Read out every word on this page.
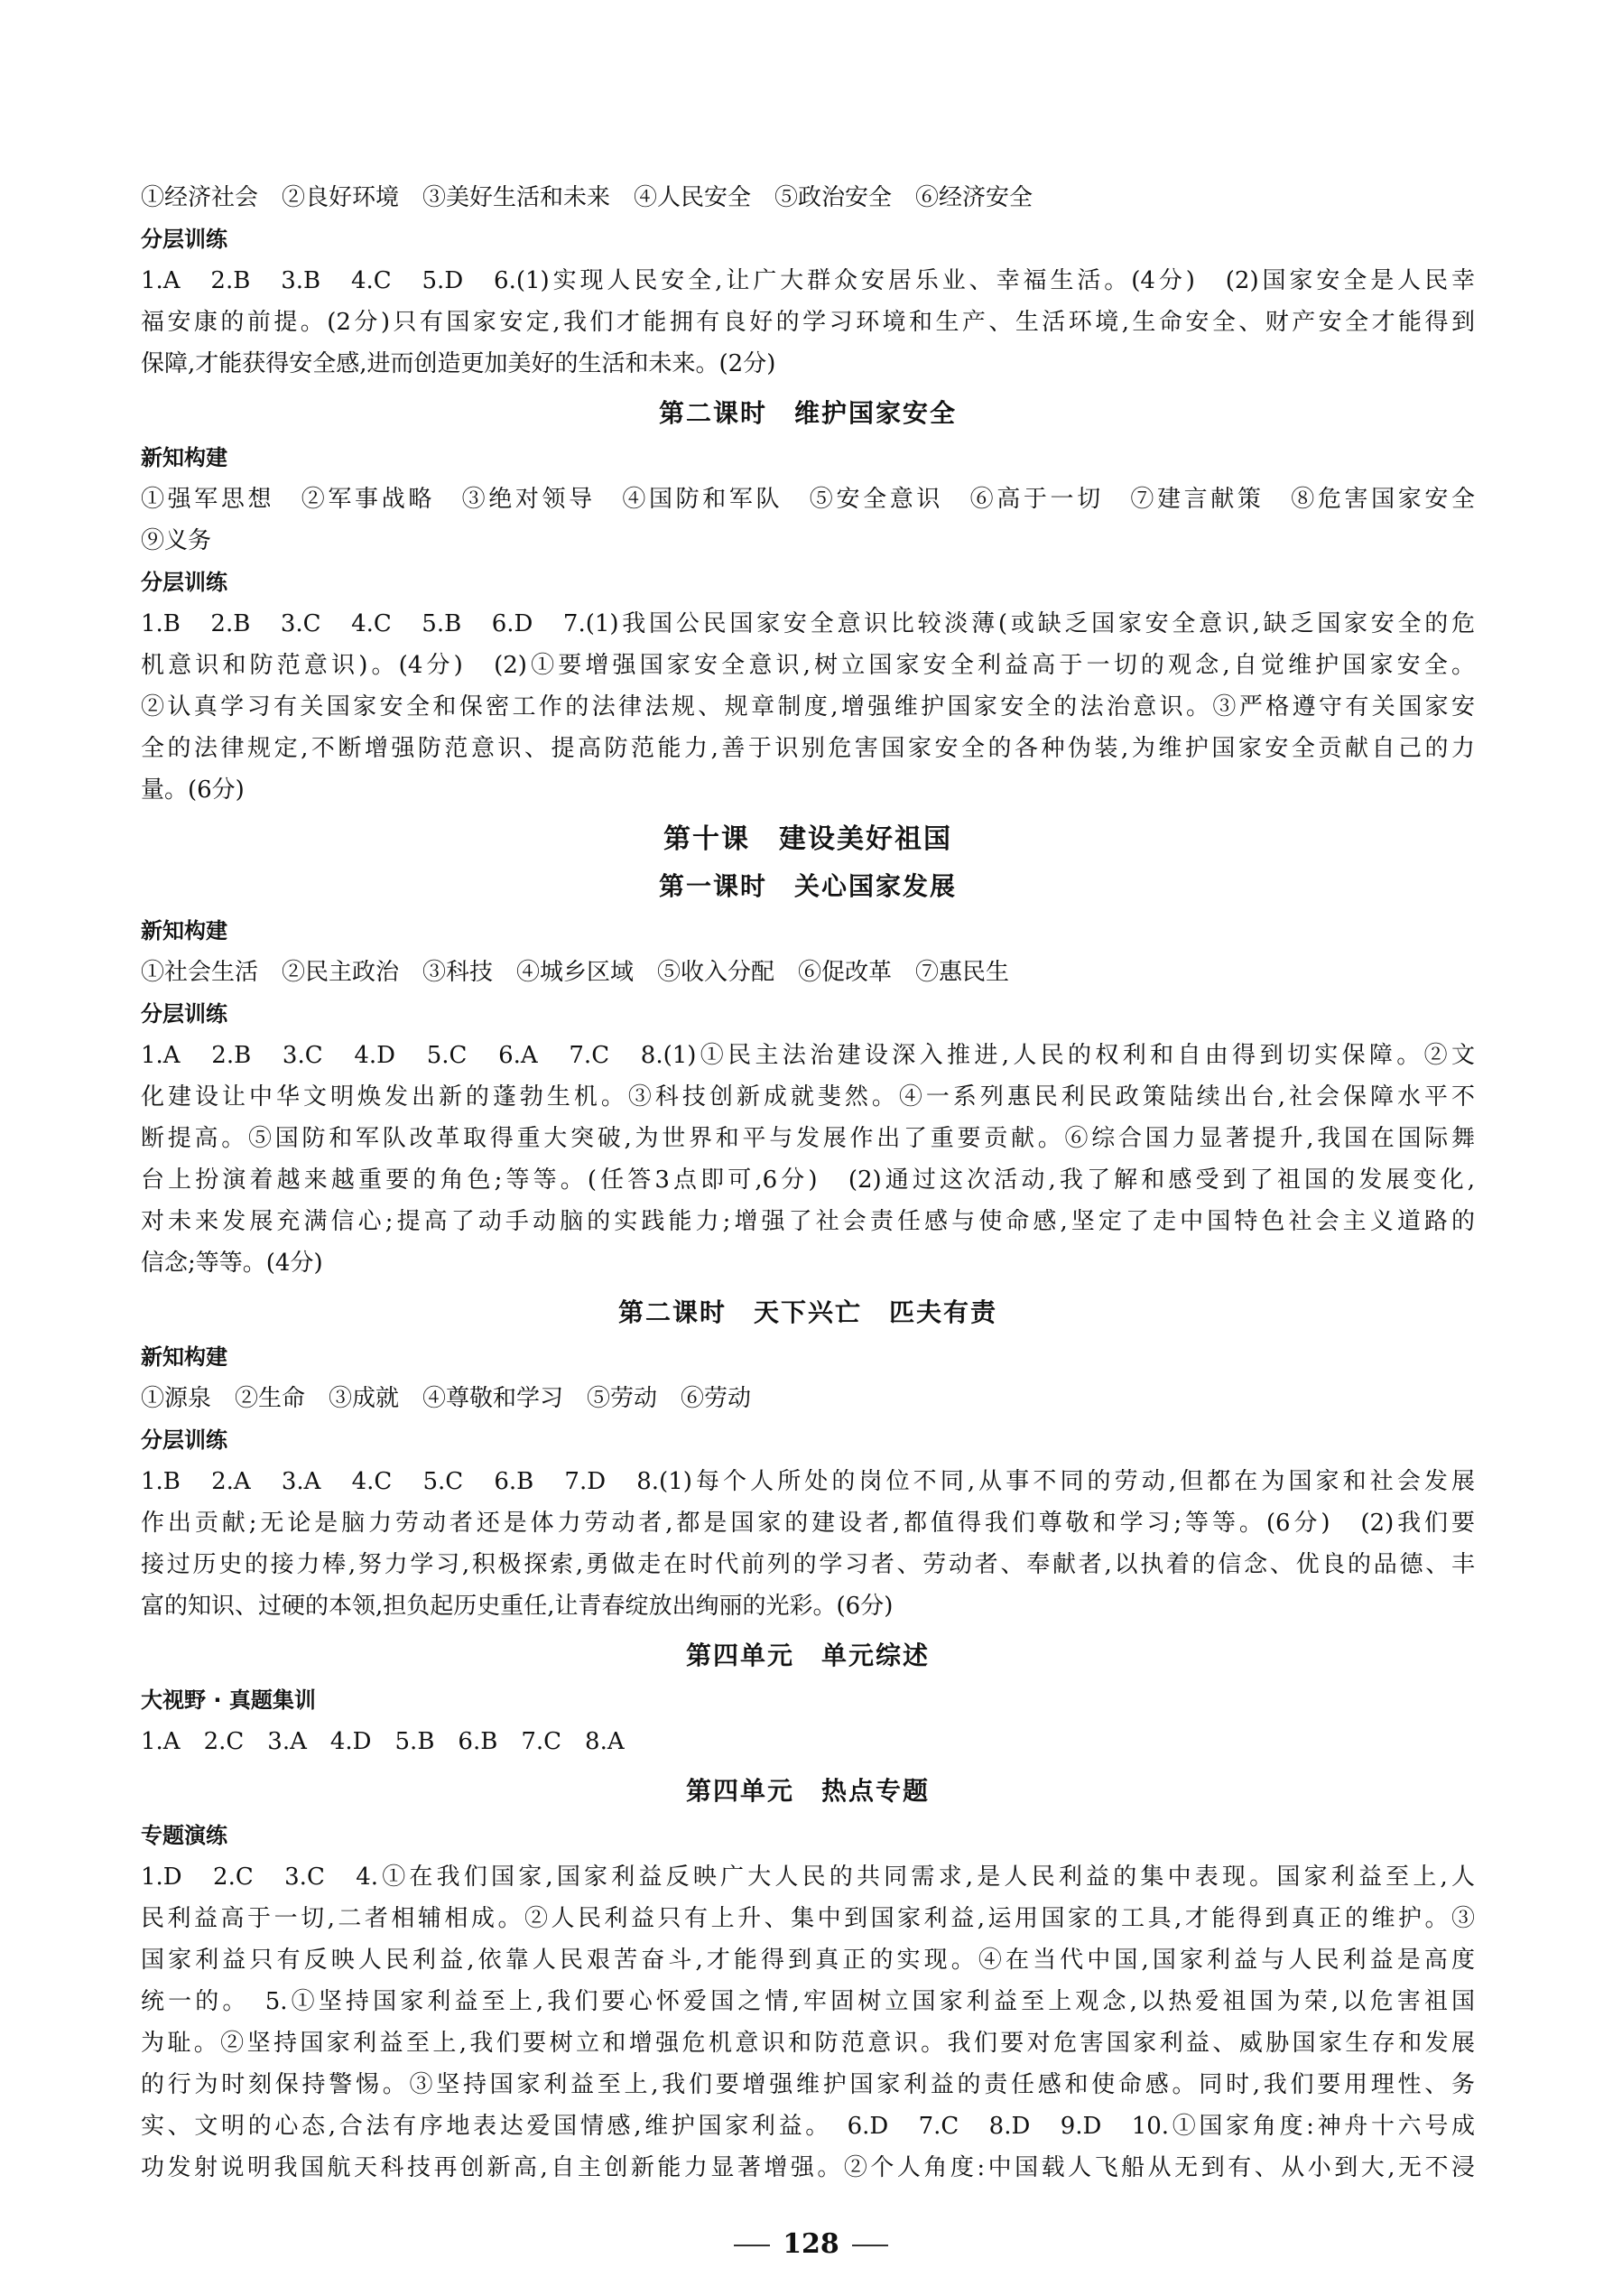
①经济社会　②良好环境　③美好生活和未来　④人民安全　⑤政治安全　⑥经济安全

分层训练

1.A　2.B　3.B　4.C　5.D　6.(1)实现人民安全,让广大群众安居乐业、幸福生活。(4分)　(2)国家安全是人民幸

福安康的前提。(2分)只有国家安定,我们才能拥有良好的学习环境和生产、生活环境,生命安全、财产安全才能得到

保障,才能获得安全感,进而创造更加美好的生活和未来。(2分)

第二课时　维护国家安全

新知构建

①强军思想　②军事战略　③绝对领导　④国防和军队　⑤安全意识　⑥高于一切　⑦建言献策　⑧危害国家安全

⑨义务

分层训练

1.B　2.B　3.C　4.C　5.B　6.D　7.(1)我国公民国家安全意识比较淡薄(或缺乏国家安全意识,缺乏国家安全的危

机意识和防范意识)。(4分)　(2)①要增强国家安全意识,树立国家安全利益高于一切的观念,自觉维护国家安全。

②认真学习有关国家安全和保密工作的法律法规、规章制度,增强维护国家安全的法治意识。③严格遵守有关国家安

全的法律规定,不断增强防范意识、提高防范能力,善于识别危害国家安全的各种伪装,为维护国家安全贡献自己的力

量。(6分)

第十课　建设美好祖国

第一课时　关心国家发展

新知构建

①社会生活　②民主政治　③科技　④城乡区域　⑤收入分配　⑥促改革　⑦惠民生

分层训练

1.A　2.B　3.C　4.D　5.C　6.A　7.C　8.(1)①民主法治建设深入推进,人民的权利和自由得到切实保障。②文

化建设让中华文明焕发出新的蓬勃生机。③科技创新成就斐然。④一系列惠民利民政策陆续出台,社会保障水平不

断提高。⑤国防和军队改革取得重大突破,为世界和平与发展作出了重要贡献。⑥综合国力显著提升,我国在国际舞

台上扮演着越来越重要的角色;等等。(任答3点即可,6分)　(2)通过这次活动,我了解和感受到了祖国的发展变化,

对未来发展充满信心;提高了动手动脑的实践能力;增强了社会责任感与使命感,坚定了走中国特色社会主义道路的

信念;等等。(4分)

第二课时　天下兴亡　匹夫有责

新知构建

①源泉　②生命　③成就　④尊敬和学习　⑤劳动　⑥劳动

分层训练

1.B　2.A　3.A　4.C　5.C　6.B　7.D　8.(1)每个人所处的岗位不同,从事不同的劳动,但都在为国家和社会发展

作出贡献;无论是脑力劳动者还是体力劳动者,都是国家的建设者,都值得我们尊敬和学习;等等。(6分)　(2)我们要

接过历史的接力棒,努力学习,积极探索,勇做走在时代前列的学习者、劳动者、奉献者,以执着的信念、优良的品德、丰

富的知识、过硬的本领,担负起历史重任,让青春绽放出绚丽的光彩。(6分)

第四单元　单元综述

大视野 · 真题集训

1.A　2.C　3.A　4.D　5.B　6.B　7.C　8.A

第四单元　热点专题

专题演练

1.D　2.C　3.C　4.①在我们国家,国家利益反映广大人民的共同需求,是人民利益的集中表现。国家利益至上,人

民利益高于一切,二者相辅相成。②人民利益只有上升、集中到国家利益,运用国家的工具,才能得到真正的维护。③

国家利益只有反映人民利益,依靠人民艰苦奋斗,才能得到真正的实现。④在当代中国,国家利益与人民利益是高度

统一的。　5.①坚持国家利益至上,我们要心怀爱国之情,牢固树立国家利益至上观念,以热爱祖国为荣,以危害祖国

为耻。②坚持国家利益至上,我们要树立和增强危机意识和防范意识。我们要对危害国家利益、威胁国家生存和发展

的行为时刻保持警惕。③坚持国家利益至上,我们要增强维护国家利益的责任感和使命感。同时,我们要用理性、务

实、文明的心态,合法有序地表达爱国情感,维护国家利益。　6.D　7.C　8.D　9.D　10.①国家角度:神舟十六号成

功发射说明我国航天科技再创新高,自主创新能力显著增强。②个人角度:中国载人飞船从无到有、从小到大,无不浸

128
